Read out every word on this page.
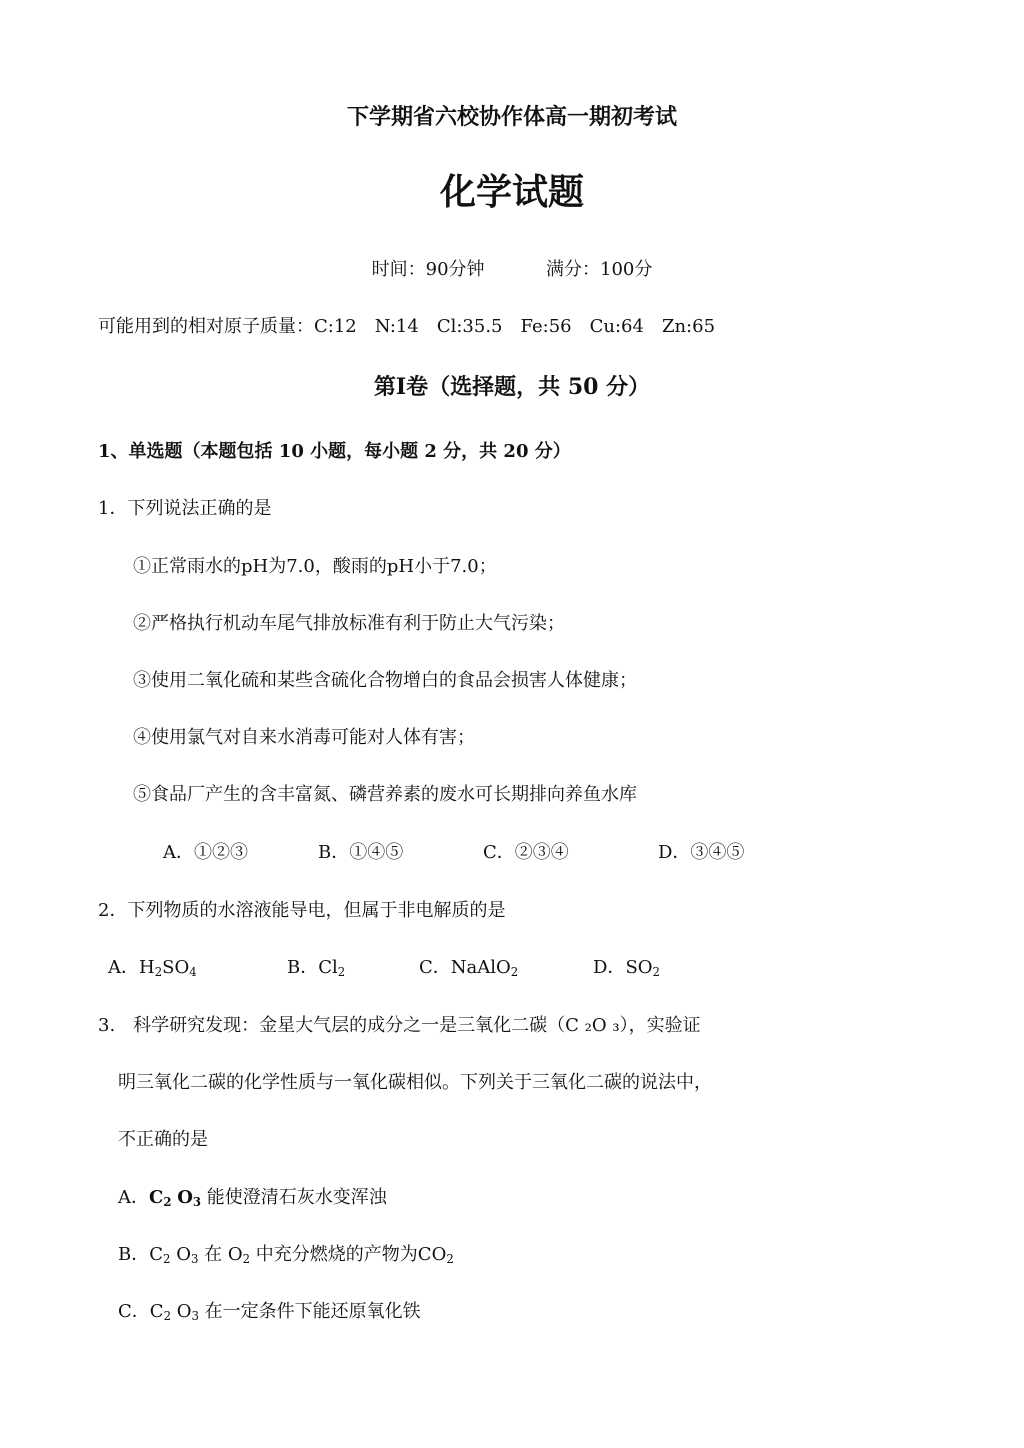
下学期省六校协作体高一期初考试
化学试题
时间：90分钟	满分：100分
可能用到的相对原子质量：C:12　N:14　Cl:35.5　Fe:56　Cu:64　Zn:65
第Ⅰ卷（选择题，共 50 分）
1、单选题（本题包括 10 小题，每小题 2 分，共 20 分）
1．下列说法正确的是
①正常雨水的pH为7.0，酸雨的pH小于7.0；
②严格执行机动车尾气排放标准有利于防止大气污染；
③使用二氧化硫和某些含硫化合物增白的食品会损害人体健康；
④使用氯气对自来水消毒可能对人体有害；
⑤食品厂产生的含丰富氮、磷营养素的废水可长期排向养鱼水库
A．①②③	B．①④⑤	C．②③④	D．③④⑤
2．下列物质的水溶液能导电，但属于非电解质的是
A．$H_2SO_4$	B．$Cl_2$	C．NaAlO$_2$	D．$SO_2$
3.　科学研究发现：金星大气层的成分之一是三氧化二碳（C ₂O ₃），实验证
明三氧化二碳的化学性质与一氧化碳相似。下列关于三氧化二碳的说法中，
不正确的是
A．$C_2$ $O_3$ 能使澄清石灰水变浑浊
B．$C_2$ $O_3$ 在 $O_2$ 中充分燃烧的产物为$CO_2$
C．$C_2$ $O_3$ 在一定条件下能还原氧化铁
